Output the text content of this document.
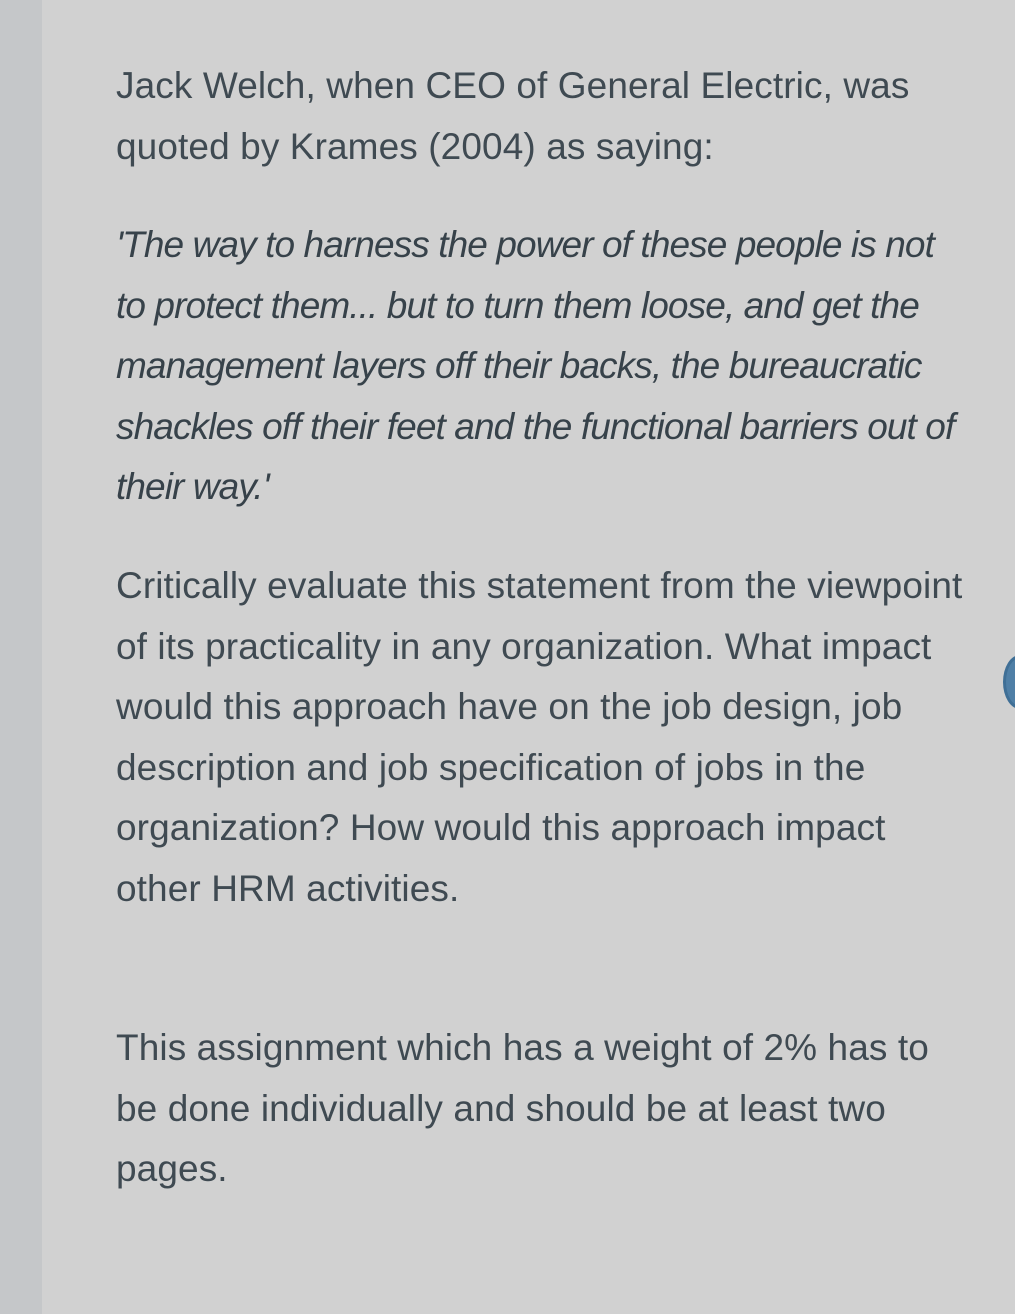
Jack Welch, when CEO of General Electric, was quoted by Krames (2004) as saying:

'The way to harness the power of these people is not to protect them... but to turn them loose, and get the management layers off their backs, the bureaucratic shackles off their feet and the functional barriers out of their way.'

Critically evaluate this statement from the viewpoint of its practicality in any organization. What impact would this approach have on the job design, job description and job specification of jobs in the organization? How would this approach impact other HRM activities.

This assignment which has a weight of 2% has to be done individually and should be at least two pages.
